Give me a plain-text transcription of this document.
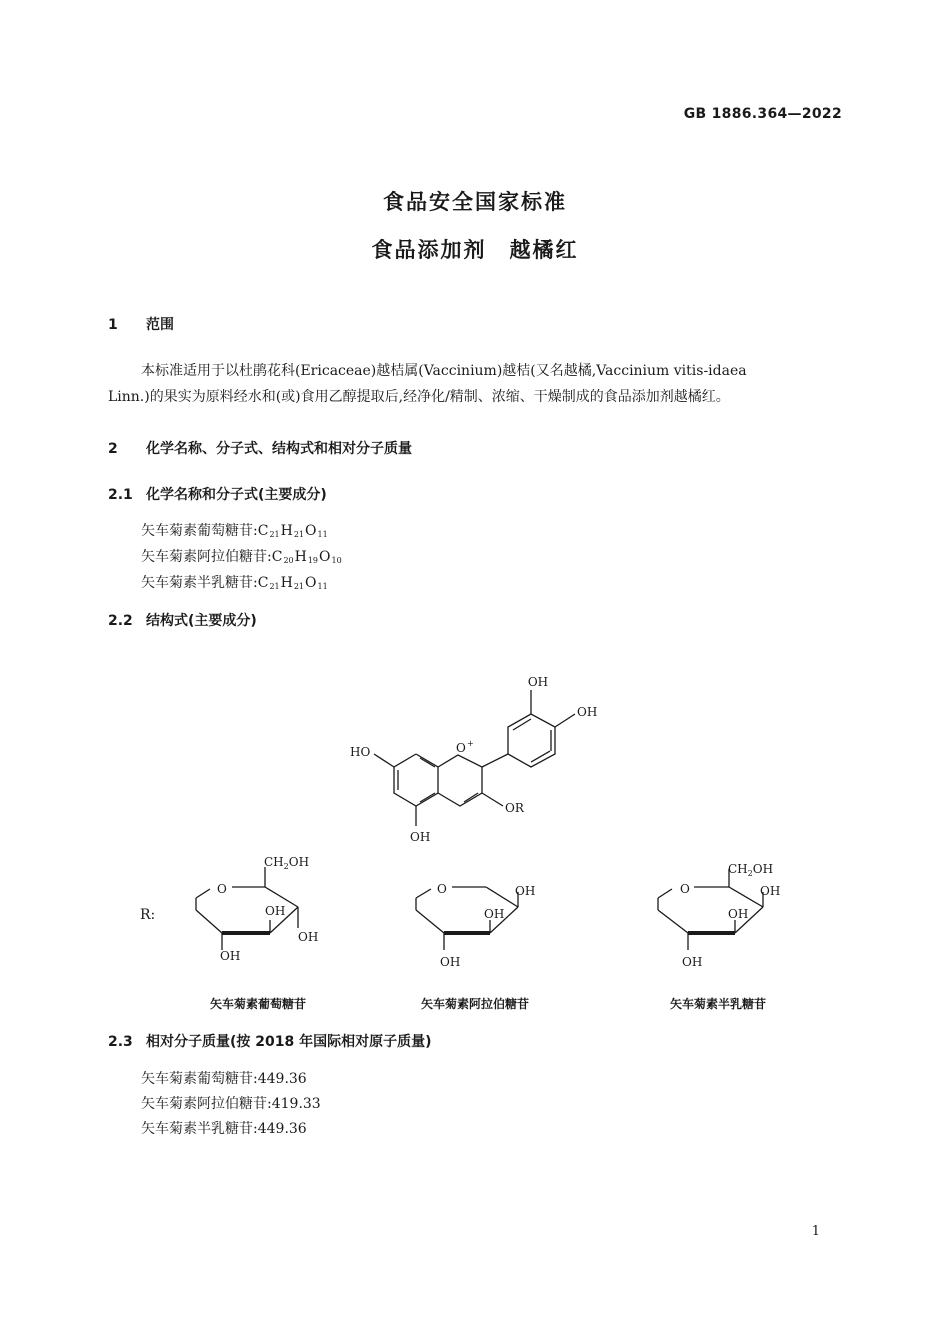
GB 1886.364—2022
食品安全国家标准
食品添加剂　越橘红
1 范围
本标准适用于以杜鹃花科(Ericaceae)越桔属(Vaccinium)越桔(又名越橘,Vaccinium vitis-idaea
Linn.)的果实为原料经水和(或)食用乙醇提取后,经净化/精制、浓缩、干燥制成的食品添加剂越橘红。
2 化学名称、分子式、结构式和相对分子质量
2.1 化学名称和分子式(主要成分)
矢车菊素葡萄糖苷$:C_{21}H_{21}O_{11}$
矢车菊素阿拉伯糖苷$:C_{20}H_{19}O_{10}$
矢车菊素半乳糖苷$:C_{21}H_{21}O_{11}$
2.2 结构式(主要成分)
OH
OH
HO	O +
OR
OH
R:
O
$CH_2OH$
OH
OH
OH
O	OH
OH
OH
O
$CH_2OH$
OH
OH
OH
矢车菊素葡萄糖苷	矢车菊素阿拉伯糖苷	矢车菊素半乳糖苷
2.3 相对分子质量(按 2018 年国际相对原子质量)
矢车菊素葡萄糖苷:449.36
矢车菊素阿拉伯糖苷:419.33
矢车菊素半乳糖苷:449.36
1
